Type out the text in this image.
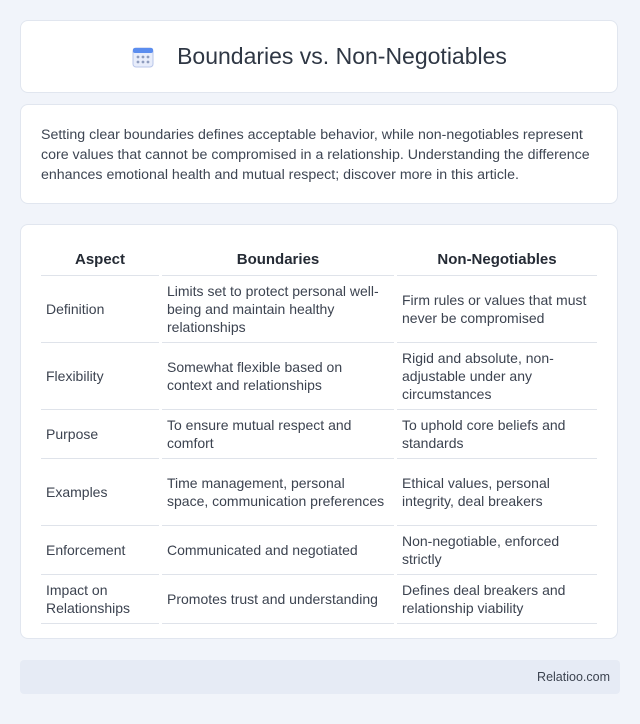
Boundaries vs. Non-Negotiables

Setting clear boundaries defines acceptable behavior, while non-negotiables represent core values that cannot be compromised in a relationship. Understanding the difference enhances emotional health and mutual respect; discover more in this article.

Aspect	Boundaries	Non-Negotiables
Definition	Limits set to protect personal well-being and maintain healthy relationships	Firm rules or values that must never be compromised
Flexibility	Somewhat flexible based on context and relationships	Rigid and absolute, non-adjustable under any circumstances
Purpose	To ensure mutual respect and comfort	To uphold core beliefs and standards
Examples	Time management, personal space, communication preferences	Ethical values, personal integrity, deal breakers
Enforcement	Communicated and negotiated	Non-negotiable, enforced strictly
Impact on Relationships	Promotes trust and understanding	Defines deal breakers and relationship viability
Relatioo.com
